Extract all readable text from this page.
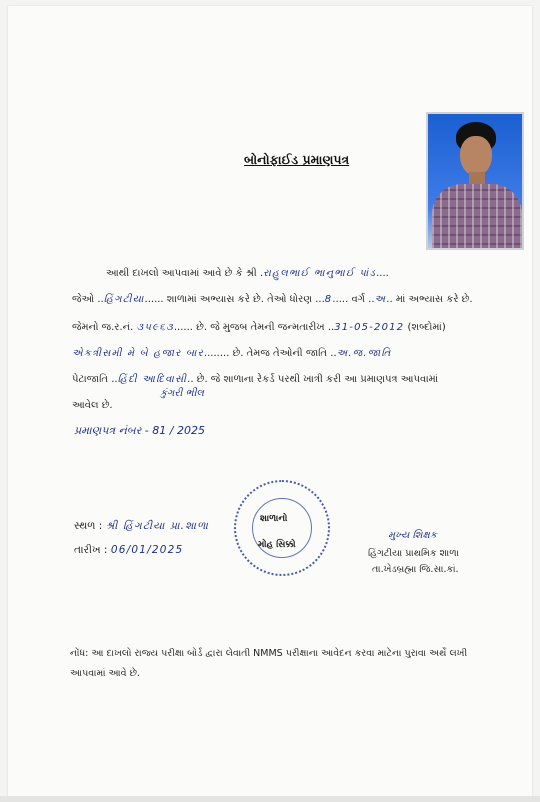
બોનોફાઈડ પ્રમાણપત્ર
આથી દાખલો આપવામાં આવે છે કે શ્રી .રાહુલભાઈ ભાનુભાઈ પાંડ....
જેઓ ..હિંગટીયા...... શાળામાં અભ્યાસ કરે છે. તેઓ ધોરણ ...8..... વર્ગ ..અ.. માં અભ્યાસ કરે છે.
જેમનો જ.ર.નં. ૩૫૯૬૩...... છે. જે મુજબ તેમની જન્મતારીખ ..31-05-2012 (શબ્દોમાં)
એકત્રીસમી મે બે હજાર બાર........ છે. તેમજ તેઓની જાતિ ..અ.જ.જાતિ
પેટાજાતિ ..હિંદી આદિવાસી.. છે. જે શાળાના રેકર્ડ પરથી ખાત્રી કરી આ પ્રમાણપત્ર આપવામાં
કુંગરી ભીલ
આવેલ છે.
પ્રમાણપત્ર નંબર - 81 / 2025
સ્થળ : શ્રી હિંગટીયા પ્રા.શાળા
તારીખ : 06/01/2025
શાળાનો
મોહ સિક્કો
મુખ્ય શિક્ષક
હિંગટીયા પ્રાથમિક શાળા
તા.ખેડબ્રહ્મા જિ.સા.કાં.
નોંધ: આ દાખલો રાજ્ય પરીક્ષા બોર્ડ દ્વારા લેવાતી NMMS પરીક્ષાના આવેદન કરવા માટેના પુરાવા અર્થે લખી
આપવામાં આવે છે.
